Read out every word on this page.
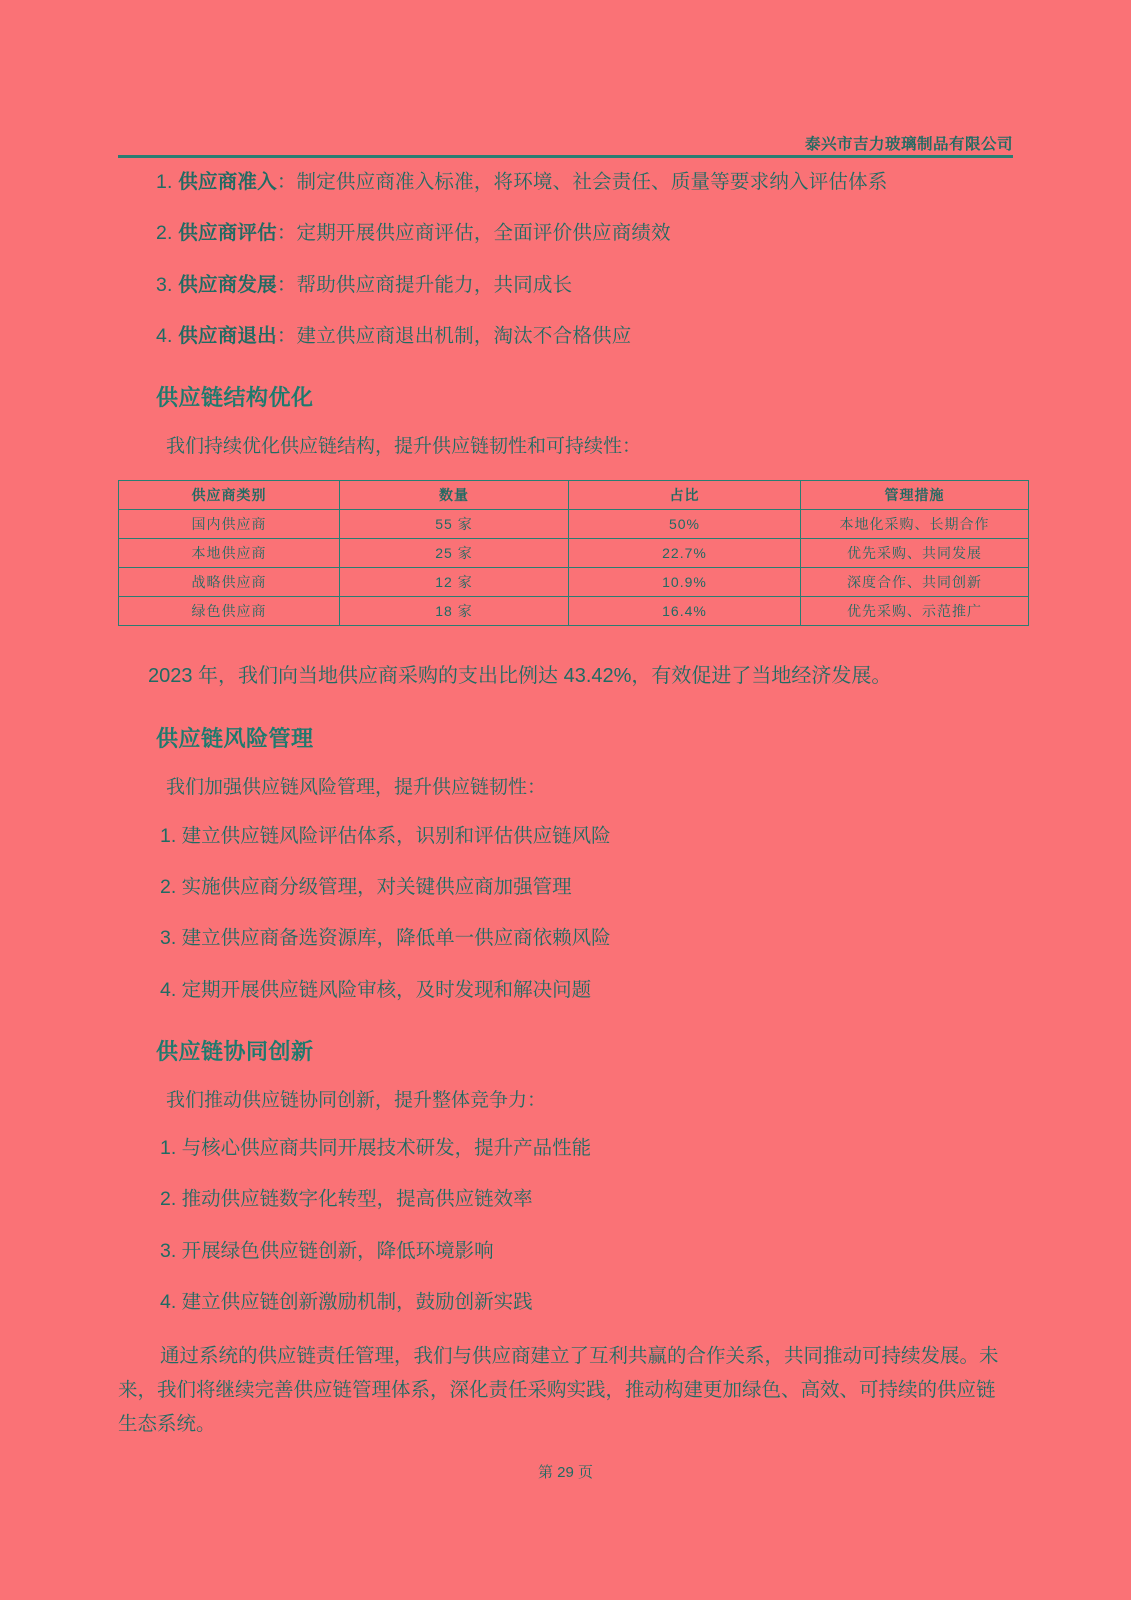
泰兴市吉力玻璃制品有限公司
1. 供应商准入：制定供应商准入标准，将环境、社会责任、质量等要求纳入评估体系
2. 供应商评估：定期开展供应商评估，全面评价供应商绩效
3. 供应商发展：帮助供应商提升能力，共同成长
4. 供应商退出：建立供应商退出机制，淘汰不合格供应
供应链结构优化

我们持续优化供应链结构，提升供应链韧性和可持续性：

供应商类别	数量	占比	管理措施
国内供应商	55 家	50%	本地化采购、长期合作
本地供应商	25 家	22.7%	优先采购、共同发展
战略供应商	12 家	10.9%	深度合作、共同创新
绿色供应商	18 家	16.4%	优先采购、示范推广

2023 年，我们向当地供应商采购的支出比例达 43.42%，有效促进了当地经济发展。

供应链风险管理

我们加强供应链风险管理，提升供应链韧性：

1. 建立供应链风险评估体系，识别和评估供应链风险
2. 实施供应商分级管理，对关键供应商加强管理
3. 建立供应商备选资源库，降低单一供应商依赖风险
4. 定期开展供应链风险审核，及时发现和解决问题
供应链协同创新

我们推动供应链协同创新，提升整体竞争力：

1. 与核心供应商共同开展技术研发，提升产品性能
2. 推动供应链数字化转型，提高供应链效率
3. 开展绿色供应链创新，降低环境影响
4. 建立供应链创新激励机制，鼓励创新实践

通过系统的供应链责任管理，我们与供应商建立了互利共赢的合作关系，共同推动可持续发展。未来，我们将继续完善供应链管理体系，深化责任采购实践，推动构建更加绿色、高效、可持续的供应链生态系统。

第 29 页
